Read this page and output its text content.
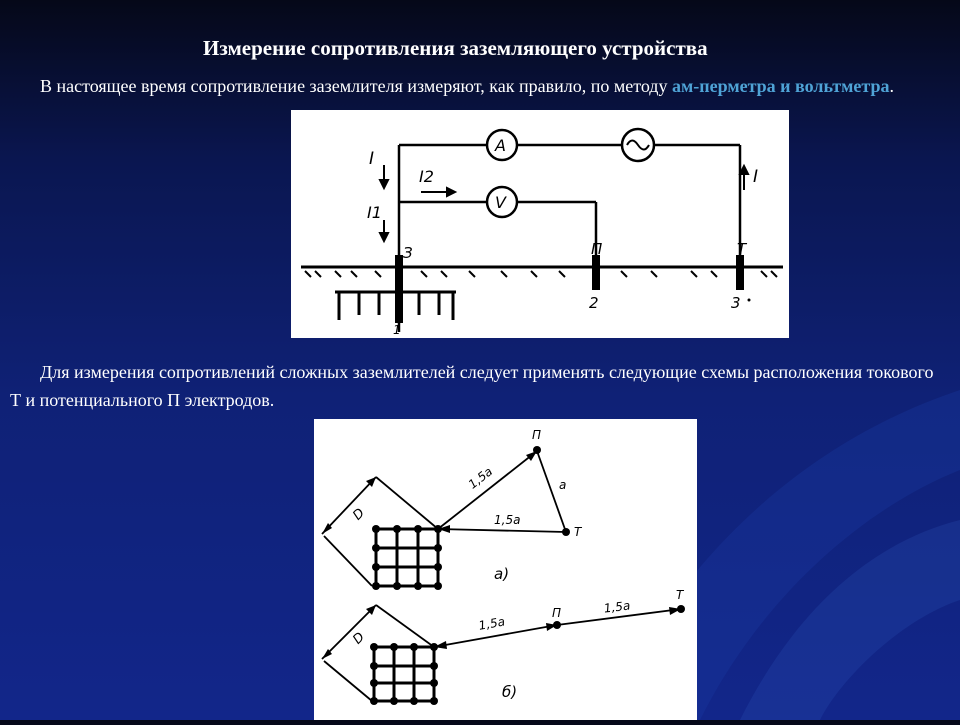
Измерение сопротивления заземляющего устройства
В настоящее время сопротивление заземлителя измеряют, как правило, по методу ам-перметра и вольтметра.
A
V
I
I2
I1
I
З	П	Т
1
2	3
Для измерения сопротивлений сложных заземлителей следует применять следующие схемы расположения токового Т и потенциального П электродов.
П
Т
а
1,5а
1,5а
D
а)
П
Т
1,5а
1,5а
D
б)
